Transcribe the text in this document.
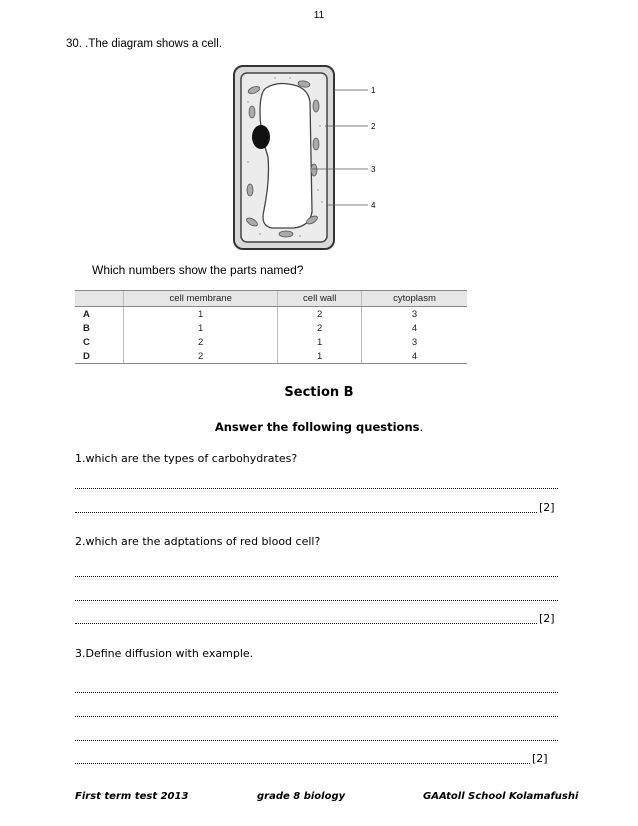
11
30. .The diagram shows a cell.
1
2
3
4
Which numbers show the parts named?
	cell membrane	cell wall	cytoplasm
A	1	2	3
B	1	2	4
C	2	1	3
D	2	1	4
Section B
Answer the following questions.
1.which are the types of carbohydrates?
[2]
2.which are the adptations of red blood cell?
[2]
3.Define diffusion with example.
[2]
First term test 2013	grade 8 biology	GAAtoll School Kolamafushi
